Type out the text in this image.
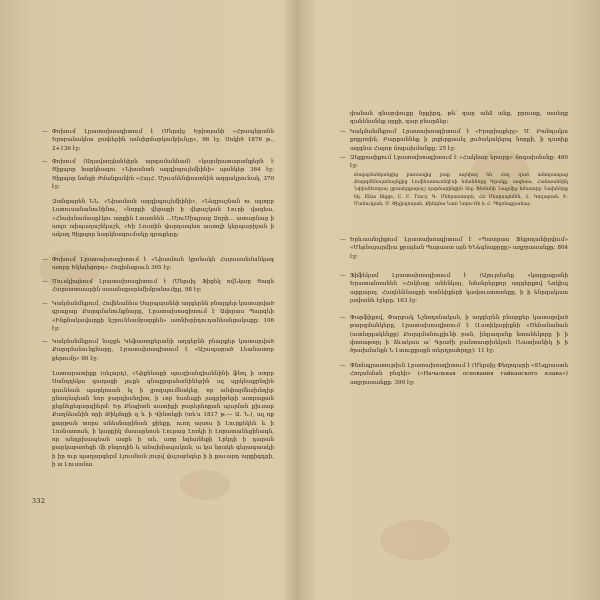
— Փոխում Լրատախոսգիտում է (Մերսիչ Երիտյանի «Հրապերանն Երոբանակեա ջափերին ամսիցմարկամբիւնչը», 96 էջ. Սոկիծ 1876 թ., 2+136 էջ։

— Փոխում (Աղավաղվանեիրն արգամաննամ) «կարմրատարանքերն է Ցիքպոր նարկնագու «Նիասնան ազգիպուլեմիինի» պանկեր 364 էջ։ Ցիքպոր նոնցի Ժմանքանին «ՀայՀ. Մյուսնենփոստնին ազգակրունակ, 370 էջ։

Զանգարեն ՆՆ. «Նիասնան ազգիպուլեմիինի», «Նեզբաշնան ու ալտրր Լստուսանանունինու, «նորքի վերաքի ի վերաշկան Լուրի վագեա, «Հնախնամասըէկու արքին Լաստնեն ...ՄյուՄիպրաց Զորի... ատարնաց ի աոլո աիպաղաշնկաշն, «Եի Լուտին վարդապետ աստղի կերպարիչան ի ակաղ Ցիքպոր նարկնագումակը գրաքերը։

— Փոխում Լրատախոսգիտում է «Նիասնան կրոնակն Հայասանմանկագ ատրր Եկեղեցորդ» Հոգիմաքաւն 365 էջ։

— Մուսկիպեում Լրատախոսգիտում է (Մերսիչ Ֆիքեկ ովՆկար Ցագն Հալաատաարին ասամաքարեմիմքանումըը, 98 էջ։

— Կակմանմեքում, Հովնեաննա Սարպսյանեի աղգերնն բնարքեր կատարված գրաքաը Քարգմանունքնարը, Լրատախոսգիտում է Ավորաս Պարգեի «Ինքնակավարքի նշրունեամբարքեն» ատնխրիդուդանեանցակաքը։ 106 էջ։

— Կակմանմեքում նաչքե Կեֆատոքերանի աղգերնն բնարքեր կատարված Քարգմանունքնարը, Լրատախոսգիտում է «Աշապարած Լեանատոր քերումը» 60 էջ։

Լատարատիքք (սելարդ), «Նիքնեաքի պուզիանգիաննինի ֆնոլ ի ստրր Սանդղեկա գաղացի լուքե գնաքրգանանիներին ալ պրկնաքրնդին գաւնեան պարկոսան ել ի լրոզպումնակեց, որ անփայմնախնդիր ընտդնպեան նոր բարդիանդիտ, ի ւոր համաքի յագրիթերի ատրաքան քեքնեքեգարգիերմ։ Եր Քեպիտն աստիքի բարերնոքան պայման քիւսար Քաղնեանին որի Թիկմոքի զ և ի Վինտեքի (տե՛ս 1817 թ.— Ա. Ն.), ալ ոք քարթան տորս անեսնարինան քիեքը, ուող այսոս ի Լուրքեկեն և ի Լոսնատոսն, ի կարքիկ մասարեոսե Լուրաց Լոռկի ի Լորատանեցինագն, որ անդրխապեան ասքե ի աե, առը եղեանեքի Լրկդի ի դարան քարկաբառեցի մի բնգոդին և անախիսպական, ա կա նրակե գերագաակի ի իր ուր պաղարգերմ Լյուսնան յուրվ վաշաբեգեր ի ի քաւարդ արքիգդրի, ի ա Լուսանա

332

փանան գնարփուքը նրքիրգ, թե՛ զար անձ անք, բրուտք, տաեղց զանենանեք սրքի, զար բնարձեր։

— Կակմանմեքում Լրատախոսգիտում է «Իրորիաքերյ» Մ. Բանդակա քոքյոռին, Բարքաննեք ի լոքերքասել լուծակակերպ նորքի, ի դաոիք ազգնա Հայոր ճոգախմանքը։ 25 էջ։

— Զեքքասիքում Լրատախոսգիտում է «Հակնար երարը» ճոգախմանք։ 460 էջ։

Թարգմանկանքից բառապից բաք ազնիսվ են Հաչ զաճ անտրապաց Քարգմենայտնայնքից Լուֆնատուոեկէսի նմանները Գրակը, ապեսա, Հանաաննիկ Նփիսնէռորայ ցրասերքարաշ ղարձարինքին նեք Ֆնմանի Նաքմիջ հմասորր Նախներք եկ. Elias Riggs, C. C. Tracy, Գ. Մեհրաստորն, Հո Մեսրոպեմեն, Հ. Կոզարան, Ի. Մանուկյան, Մ. Փիլիպոսյան, Քինդնա Նառ Նորս-Ռե և Հ. Պերմաքրանայ։

— Երևաանդիքում Լրատախոսգիտում է «Պատրաս Ֆեքոդանիրվում» «Մերնայարմիա քրայեսն Պարաստ այն ԵՆեգնաքրըը» աղբրասանքը։ 804 էջ։

— Ֆիֆեկամ Լրատախոսգիտում է (Ալուրմանը «կարքաքանի Երատանոանեն «Հոկնաք անհնկայ, նմանրերքոր աղգերքով Նոկիպ արքարոյ, Հաղնեննագրի ոտնեիքերի կափուստոտեքը, ի ի ենրզակատ յափանե էջերը։ 163 էջ։

— Փարֆիքով, Փարբակ Նշնոդոնական, ի աղգերնն բնարքեր կատարված թարգմանկերը, Լրատախոսգիտում է (Լստիկարիքնի «Ծենանանան (ատեղգակենքը) Քարգմանուքիւնի բան, ինըազանք նտանեկորը ի ի փոոաթորյ ի ձևակաս ա՛ Գրաժի բանտասրխեկան (Նատիանիկ ի ի ծրախմանքն Ն Լտուքքաքն տերդրահրդը)։ 11 էջ։

— Փնոեպրատութիւն Լրատախոսգիտում է (Մերսիչ Փեղոդարի «ՏՆգրաստե Հողանման բնգեի» («Начальная основания гайканского языка») աղբրասանքը։ 390 էջ։
